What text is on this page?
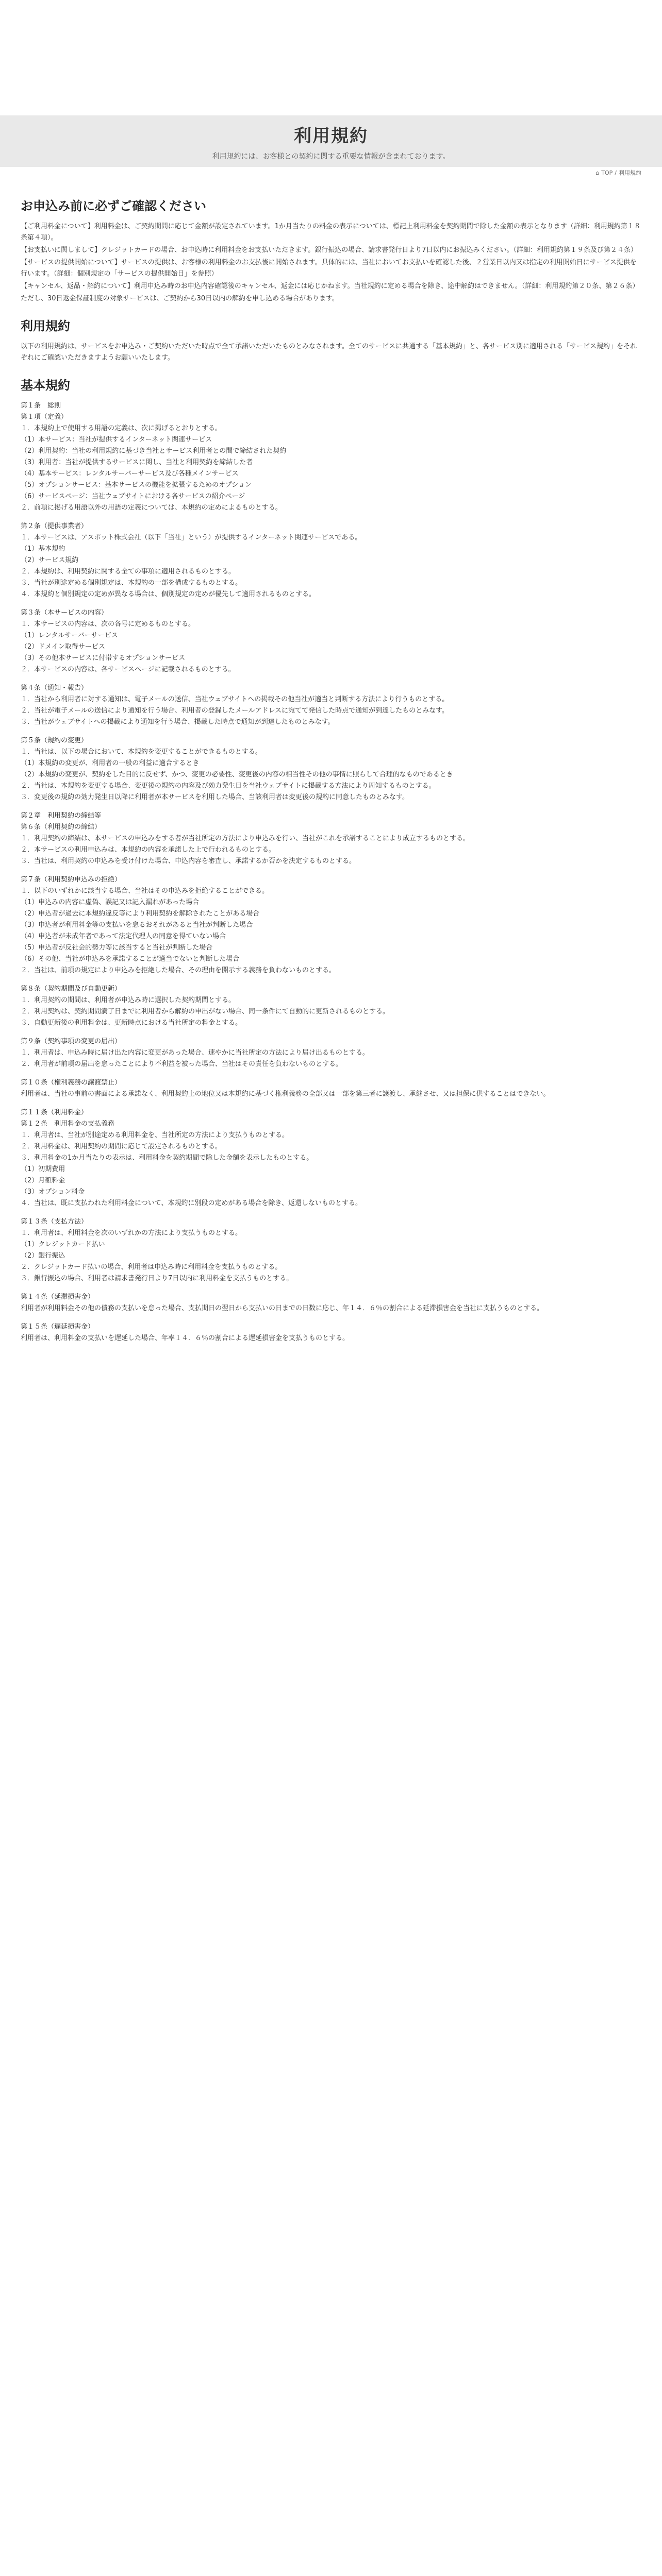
利用規約
利用規約には、お客様との契約に関する重要な情報が含まれております。
⌂ TOP / 利用規約
お申込み前に必ずご確認ください

【ご利用料金について】利用料金は、ご契約期間に応じて金額が設定されています。1か月当たりの料金の表示については、標記上利用料金を契約期間で除した金額の表示となります（詳細：利用規約第１８条第４項）。

【お支払いに関しまして】クレジットカードの場合、お申込時に利用料金をお支払いただきます。銀行振込の場合、請求書発行日より7日以内にお振込みください。（詳細：利用規約第１９条及び第２４条）

【サービスの提供開始について】サービスの提供は、お客様の利用料金のお支払後に開始されます。具体的には、当社においてお支払いを確認した後、２営業日以内又は指定の利用開始日にサービス提供を行います。（詳細：個別規定の「サービスの提供開始日」を参照）

【キャンセル、返品・解約について】利用申込み時のお申込内容確認後のキャンセル、返金には応じかねます。当社規約に定める場合を除き、途中解約はできません。（詳細：利用規約第２０条、第２６条）

ただし、30日返金保証制度の対象サービスは、ご契約から30日以内の解約を申し込める場合があります。

利用規約

以下の利用規約は、サービスをお申込み・ご契約いただいた時点で全て承諾いただいたものとみなされます。全てのサービスに共通する「基本規約」と、各サービス別に適用される「サービス規約」をそれぞれにご確認いただきますようお願いいたします。

基本規約
第１条　総則
第１項（定義）
１．本規約上で使用する用語の定義は、次に掲げるとおりとする。
（1）本サービス：当社が提供するインターネット関連サービス
（2）利用契約：当社の利用規約に基づき当社とサービス利用者との間で締結された契約
（3）利用者：当社が提供するサービスに関し、当社と利用契約を締結した者
（4）基本サービス：レンタルサーバーサービス及び各種メインサービス
（5）オプションサービス：基本サービスの機能を拡張するためのオプション
（6）サービスページ：当社ウェブサイトにおける各サービスの紹介ページ
２．前項に掲げる用語以外の用語の定義については、本規約の定めによるものとする。
第２条（提供事業者）
１．本サービスは、アスポット株式会社（以下「当社」という）が提供するインターネット関連サービスである。
（1）基本規約
（2）サービス規約
２．本規約は、利用契約に関する全ての事項に適用されるものとする。
３．当社が別途定める個別規定は、本規約の一部を構成するものとする。
４．本規約と個別規定の定めが異なる場合は、個別規定の定めが優先して適用されるものとする。
第３条（本サービスの内容）
１．本サービスの内容は、次の各号に定めるものとする。
（1）レンタルサーバーサービス
（2）ドメイン取得サービス
（3）その他本サービスに付帯するオプションサービス
２．本サービスの内容は、各サービスページに記載されるものとする。
第４条（通知・報告）
１．当社から利用者に対する通知は、電子メールの送信、当社ウェブサイトへの掲載その他当社が適当と判断する方法により行うものとする。
２．当社が電子メールの送信により通知を行う場合、利用者の登録したメールアドレスに宛てて発信した時点で通知が到達したものとみなす。
３．当社がウェブサイトへの掲載により通知を行う場合、掲載した時点で通知が到達したものとみなす。
第５条（規約の変更）
１．当社は、以下の場合において、本規約を変更することができるものとする。
（1）本規約の変更が、利用者の一般の利益に適合するとき
（2）本規約の変更が、契約をした目的に反せず、かつ、変更の必要性、変更後の内容の相当性その他の事情に照らして合理的なものであるとき
２．当社は、本規約を変更する場合、変更後の規約の内容及び効力発生日を当社ウェブサイトに掲載する方法により周知するものとする。
３．変更後の規約の効力発生日以降に利用者が本サービスを利用した場合、当該利用者は変更後の規約に同意したものとみなす。
第２章　利用契約の締結等
第６条（利用契約の締結）
１．利用契約の締結は、本サービスの申込みをする者が当社所定の方法により申込みを行い、当社がこれを承諾することにより成立するものとする。
２．本サービスの利用申込みは、本規約の内容を承諾した上で行われるものとする。
３．当社は、利用契約の申込みを受け付けた場合、申込内容を審査し、承諾するか否かを決定するものとする。
第７条（利用契約申込みの拒絶）
１．以下のいずれかに該当する場合、当社はその申込みを拒絶することができる。
（1）申込みの内容に虚偽、誤記又は記入漏れがあった場合
（2）申込者が過去に本規約違反等により利用契約を解除されたことがある場合
（3）申込者が利用料金等の支払いを怠るおそれがあると当社が判断した場合
（4）申込者が未成年者であって法定代理人の同意を得ていない場合
（5）申込者が反社会的勢力等に該当すると当社が判断した場合
（6）その他、当社が申込みを承諾することが適当でないと判断した場合
２．当社は、前項の規定により申込みを拒絶した場合、その理由を開示する義務を負わないものとする。
第８条（契約期間及び自動更新）
１．利用契約の期間は、利用者が申込み時に選択した契約期間とする。
２．利用契約は、契約期間満了日までに利用者から解約の申出がない場合、同一条件にて自動的に更新されるものとする。
３．自動更新後の利用料金は、更新時点における当社所定の料金とする。
第９条（契約事項の変更の届出）
１．利用者は、申込み時に届け出た内容に変更があった場合、速やかに当社所定の方法により届け出るものとする。
２．利用者が前項の届出を怠ったことにより不利益を被った場合、当社はその責任を負わないものとする。
第１０条（権利義務の譲渡禁止）
利用者は、当社の事前の書面による承諾なく、利用契約上の地位又は本規約に基づく権利義務の全部又は一部を第三者に譲渡し、承継させ、又は担保に供することはできない。
第１１条（利用料金）
第１２条　利用料金の支払義務
１．利用者は、当社が別途定める利用料金を、当社所定の方法により支払うものとする。
２．利用料金は、利用契約の期間に応じて設定されるものとする。
３．利用料金の1か月当たりの表示は、利用料金を契約期間で除した金額を表示したものとする。
（1）初期費用
（2）月額料金
（3）オプション料金
４．当社は、既に支払われた利用料金について、本規約に別段の定めがある場合を除き、返還しないものとする。
第１３条（支払方法）
１．利用者は、利用料金を次のいずれかの方法により支払うものとする。
（1）クレジットカード払い
（2）銀行振込
２．クレジットカード払いの場合、利用者は申込み時に利用料金を支払うものとする。
３．銀行振込の場合、利用者は請求書発行日より7日以内に利用料金を支払うものとする。
第１４条（延滞損害金）
利用者が利用料金その他の債務の支払いを怠った場合、支払期日の翌日から支払いの日までの日数に応じ、年１４．６％の割合による延滞損害金を当社に支払うものとする。
第１５条（遅延損害金）
利用者は、利用料金の支払いを遅延した場合、年率１４．６％の割合による遅延損害金を支払うものとする。
